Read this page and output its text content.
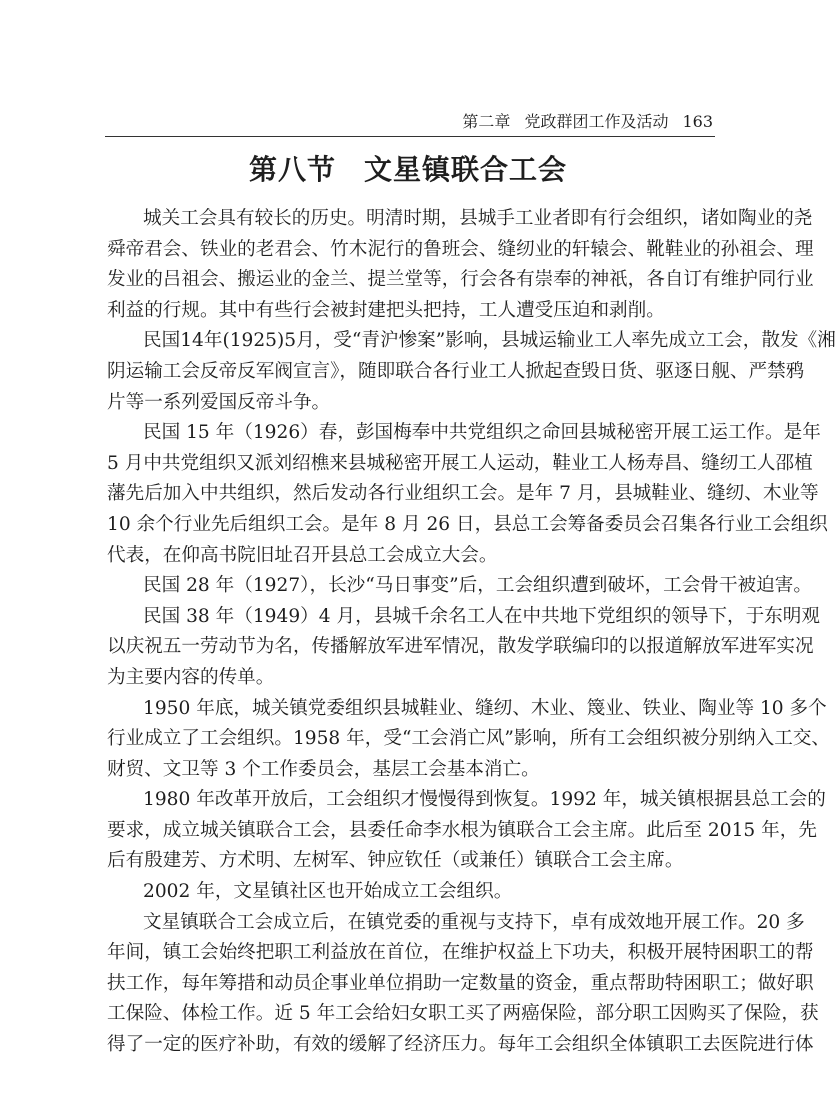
第二章 党政群团工作及活动 163
第八节 文星镇联合工会
城关工会具有较长的历史。明清时期，县城手工业者即有行会组织，诸如陶业的尧
舜帝君会、铁业的老君会、竹木泥行的鲁班会、缝纫业的轩辕会、靴鞋业的孙祖会、理
发业的吕祖会、搬运业的金兰、提兰堂等，行会各有崇奉的神祇，各自订有维护同行业
利益的行规。其中有些行会被封建把头把持，工人遭受压迫和剥削。
民国14年(1925)5月，受“青沪惨案”影响，县城运输业工人率先成立工会，散发《湘
阴运输工会反帝反军阀宣言》，随即联合各行业工人掀起查毁日货、驱逐日舰、严禁鸦
片等一系列爱国反帝斗争。
民国 15 年（1926）春，彭国梅奉中共党组织之命回县城秘密开展工运工作。是年
5 月中共党组织又派刘绍樵来县城秘密开展工人运动，鞋业工人杨寿昌、缝纫工人邵植
藩先后加入中共组织，然后发动各行业组织工会。是年 7 月，县城鞋业、缝纫、木业等
10 余个行业先后组织工会。是年 8 月 26 日，县总工会筹备委员会召集各行业工会组织
代表，在仰高书院旧址召开县总工会成立大会。
民国 28 年（1927），长沙“马日事变”后，工会组织遭到破坏，工会骨干被迫害。
民国 38 年（1949）4 月，县城千余名工人在中共地下党组织的领导下，于东明观
以庆祝五一劳动节为名，传播解放军进军情况，散发学联编印的以报道解放军进军实况
为主要内容的传单。
1950 年底，城关镇党委组织县城鞋业、缝纫、木业、篾业、铁业、陶业等 10 多个
行业成立了工会组织。1958 年，受“工会消亡风”影响，所有工会组织被分别纳入工交、
财贸、文卫等 3 个工作委员会，基层工会基本消亡。
1980 年改革开放后，工会组织才慢慢得到恢复。1992 年，城关镇根据县总工会的
要求，成立城关镇联合工会，县委任命李水根为镇联合工会主席。此后至 2015 年，先
后有殷建芳、方术明、左树军、钟应钦任（或兼任）镇联合工会主席。
2002 年，文星镇社区也开始成立工会组织。
文星镇联合工会成立后，在镇党委的重视与支持下，卓有成效地开展工作。20 多
年间，镇工会始终把职工利益放在首位，在维护权益上下功夫，积极开展特困职工的帮
扶工作，每年筹措和动员企事业单位捐助一定数量的资金，重点帮助特困职工；做好职
工保险、体检工作。近 5 年工会给妇女职工买了两癌保险，部分职工因购买了保险，获
得了一定的医疗补助，有效的缓解了经济压力。每年工会组织全体镇职工去医院进行体
